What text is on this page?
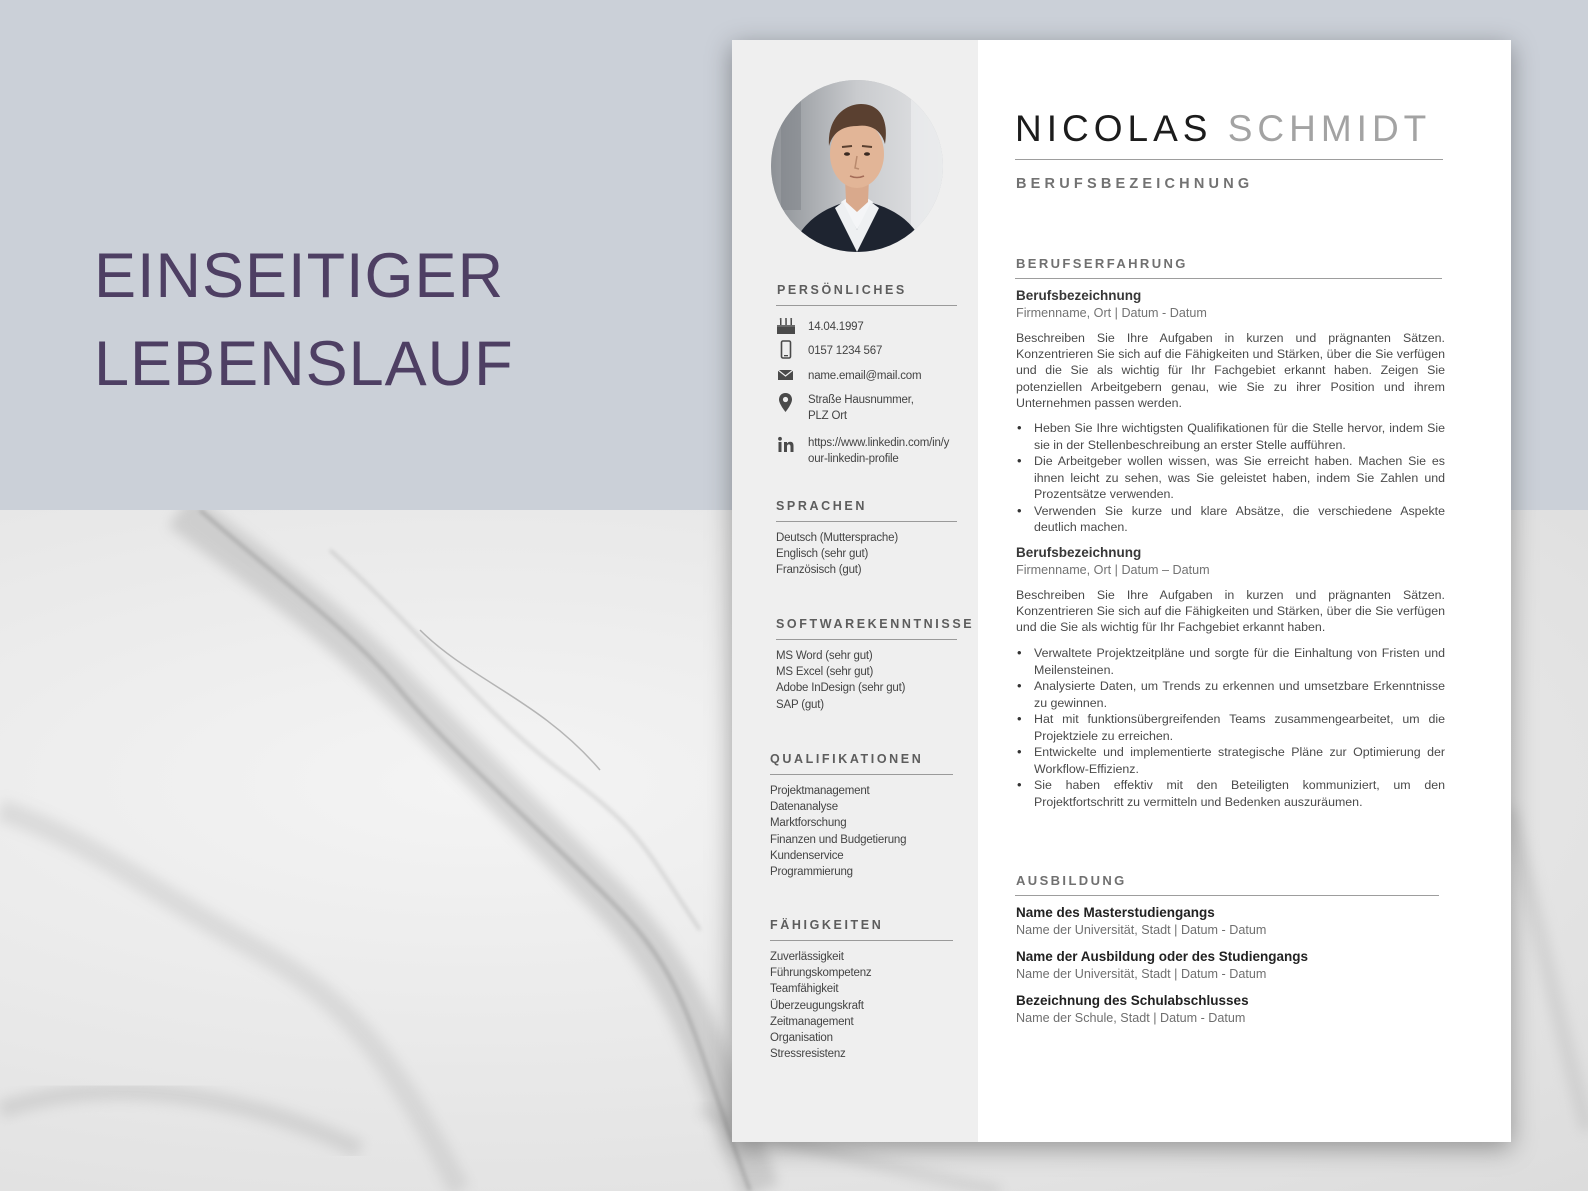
EINSEITIGER
LEBENSLAUF
PERSÖNLICHES
14.04.1997
0157 1234 567
name.email@mail.com
Straße Hausnummer,
PLZ Ort
https://www.linkedin.com/in/y
our-linkedin-profile
SPRACHEN
Deutsch (Muttersprache)
Englisch (sehr gut)
Französisch (gut)
SOFTWAREKENNTNISSE
MS Word (sehr gut)
MS Excel (sehr gut)
Adobe InDesign (sehr gut)
SAP (gut)
QUALIFIKATIONEN
Projektmanagement
Datenanalyse
Marktforschung
Finanzen und Budgetierung
Kundenservice
Programmierung
FÄHIGKEITEN
Zuverlässigkeit
Führungskompetenz
Teamfähigkeit
Überzeugungskraft
Zeitmanagement
Organisation
Stressresistenz
NICOLAS SCHMIDT
BERUFSBEZEICHNUNG
BERUFSERFAHRUNG
Berufsbezeichnung
Firmenname, Ort | Datum - Datum
Beschreiben Sie Ihre Aufgaben in kurzen und prägnanten Sätzen. Konzentrieren Sie sich auf die Fähigkeiten und Stärken, über die Sie verfügen und die Sie als wichtig für Ihr Fachgebiet erkannt haben. Zeigen Sie potenziellen Arbeitgebern genau, wie Sie zu ihrer Position und ihrem Unternehmen passen werden.
• Heben Sie Ihre wichtigsten Qualifikationen für die Stelle hervor, indem Sie sie in der Stellenbeschreibung an erster Stelle aufführen.
• Die Arbeitgeber wollen wissen, was Sie erreicht haben. Machen Sie es ihnen leicht zu sehen, was Sie geleistet haben, indem Sie Zahlen und Prozentsätze verwenden.
• Verwenden Sie kurze und klare Absätze, die verschiedene Aspekte deutlich machen.
Berufsbezeichnung
Firmenname, Ort | Datum – Datum
Beschreiben Sie Ihre Aufgaben in kurzen und prägnanten Sätzen. Konzentrieren Sie sich auf die Fähigkeiten und Stärken, über die Sie verfügen und die Sie als wichtig für Ihr Fachgebiet erkannt haben.
• Verwaltete Projektzeitpläne und sorgte für die Einhaltung von Fristen und Meilensteinen.
• Analysierte Daten, um Trends zu erkennen und umsetzbare Erkenntnisse zu gewinnen.
• Hat mit funktionsübergreifenden Teams zusammengearbeitet, um die Projektziele zu erreichen.
• Entwickelte und implementierte strategische Pläne zur Optimierung der Workflow-Effizienz.
• Sie haben effektiv mit den Beteiligten kommuniziert, um den Projektfortschritt zu vermitteln und Bedenken auszuräumen.
AUSBILDUNG
Name des Masterstudiengangs
Name der Universität, Stadt | Datum - Datum
Name der Ausbildung oder des Studiengangs
Name der Universität, Stadt | Datum - Datum
Bezeichnung des Schulabschlusses
Name der Schule, Stadt | Datum - Datum
